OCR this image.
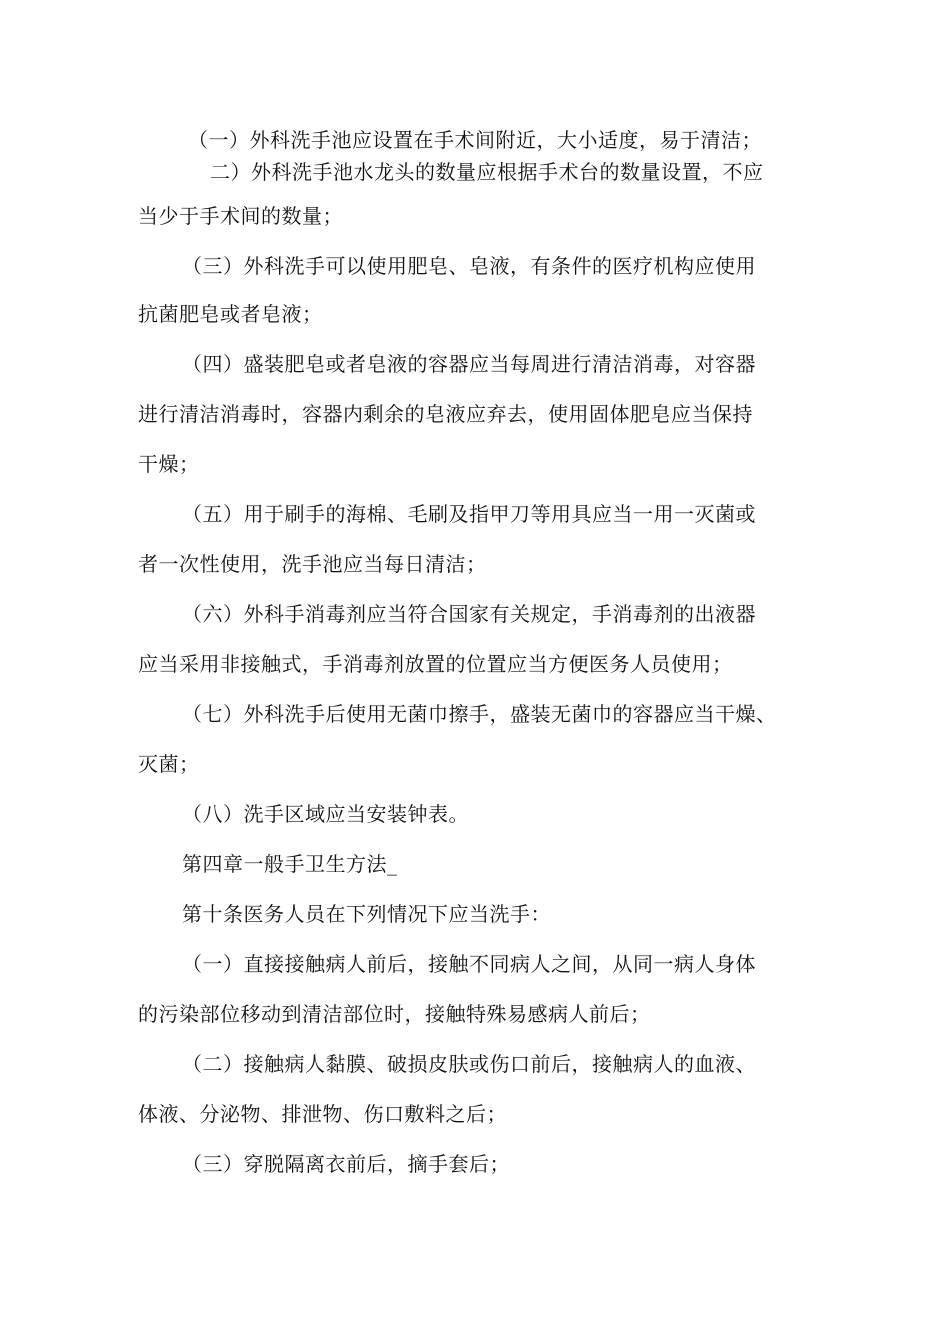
（一）外科洗手池应设置在手术间附近，大小适度，易于清洁；
二）外科洗手池水龙头的数量应根据手术台的数量设置，不应
当少于手术间的数量；
（三）外科洗手可以使用肥皂、皂液，有条件的医疗机构应使用
抗菌肥皂或者皂液；
（四）盛装肥皂或者皂液的容器应当每周进行清洁消毒，对容器
进行清洁消毒时，容器内剩余的皂液应弃去，使用固体肥皂应当保持
干燥；
（五）用于刷手的海棉、毛刷及指甲刀等用具应当一用一灭菌或
者一次性使用，洗手池应当每日清洁；
（六）外科手消毒剂应当符合国家有关规定，手消毒剂的出液器
应当采用非接触式，手消毒剂放置的位置应当方便医务人员使用；
（七）外科洗手后使用无菌巾擦手，盛装无菌巾的容器应当干燥、
灭菌；
（八）洗手区域应当安装钟表。
第四章一般手卫生方法_
第十条医务人员在下列情况下应当洗手：
（一）直接接触病人前后，接触不同病人之间，从同一病人身体
的污染部位移动到清洁部位时，接触特殊易感病人前后；
（二）接触病人黏膜、破损皮肤或伤口前后，接触病人的血液、
体液、分泌物、排泄物、伤口敷料之后；
（三）穿脱隔离衣前后，摘手套后；
